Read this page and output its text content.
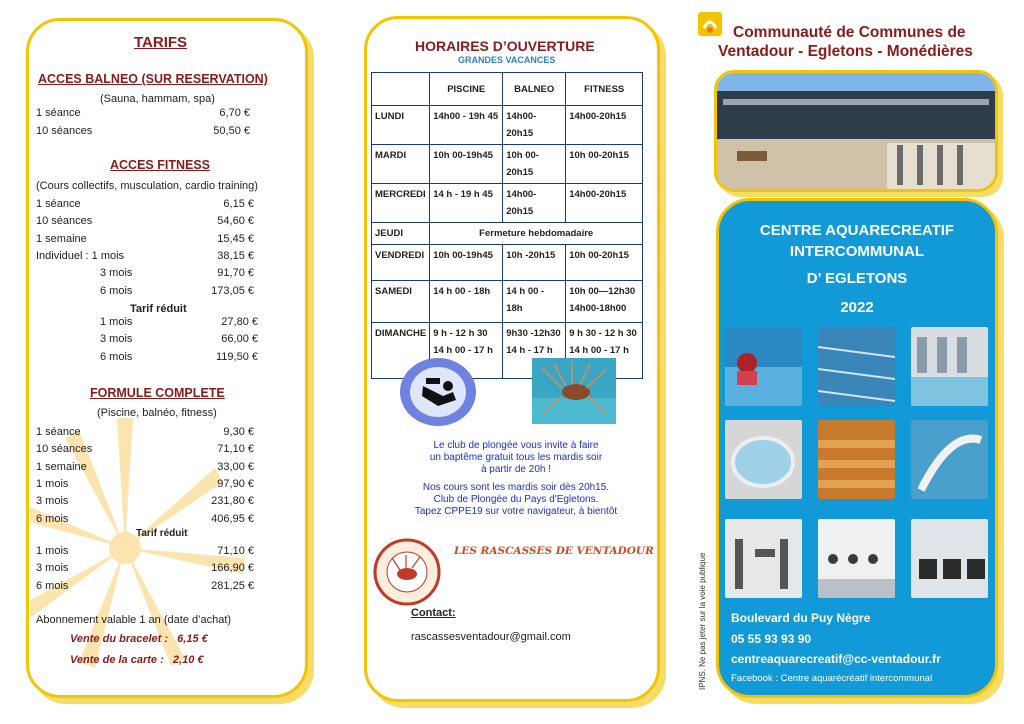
TARIFS
ACCES BALNEO (SUR RESERVATION)
(Sauna, hammam, spa)
1 séance	6,70 €
10 séances	50,50 €
ACCES FITNESS
(Cours collectifs, musculation, cardio training)
1 séance	6,15 €
10 séances	54,60 €
1 semaine	15,45 €
Individuel : 1 mois	38,15 €
3 mois	91,70 €
6 mois	173,05 €
Tarif réduit
1 mois	27,80 €
3 mois	66,00 €
6 mois	119,50 €
FORMULE COMPLETE
(Piscine, balnéo, fitness)
1 séance	9,30 €
10 séances	71,10 €
1 semaine	33,00 €
1 mois	97,90 €
3 mois	231,80 €
6 mois	406,95 €
Tarif réduit
1 mois	71,10 €
3 mois	166,90 €
6 mois	281,25 €
Abonnement valable 1 an (date d’achat)
Vente du bracelet :   6,15 €
Vente de la carte :   2,10 €
HORAIRES D’OUVERTURE
GRANDES VACANCES
	PISCINE	BALNEO	FITNESS
LUNDI	14h00 - 19h 45	14h00-20h15	14h00-20h15
MARDI	10h 00-19h45	10h 00-20h15	10h 00-20h15
MERCREDI	14 h - 19 h 45	14h00-20h15	14h00-20h15
JEUDI	Fermeture hebdomadaire		
VENDREDI	10h 00-19h45	10h -20h15	10h 00-20h15
SAMEDI	14 h 00 - 18h	14 h 00 - 18h	10h 00—12h30 14h00-18h00
DIMANCHE	9 h - 12 h 30 14 h 00 - 17 h	9h30 -12h30 14 h - 17 h	9 h 30 - 12 h 30 14 h 00 - 17 h
Le club de plongée vous invite à faire
un baptême gratuit tous les mardis soir
à partir de 20h !
Nos cours sont les mardis soir dès 20h15.
Club de Plongée du Pays d'Egletons.
Tapez CPPE19 sur votre navigateur, à bientôt
LES RASCASSES DE VENTADOUR
Contact:
rascassesventadour@gmail.com	IPNS. Ne pas jeter sur la voie publique
Communauté de Communes de
Ventadour - Egletons - Monédières
CENTRE AQUARECREATIF
INTERCOMMUNAL
D’ EGLETONS
2022
Boulevard du Puy Nègre
05 55 93 93 90
centreaquarecreatif@cc-ventadour.fr
Facebook : Centre aquarécréatif intercommunal
